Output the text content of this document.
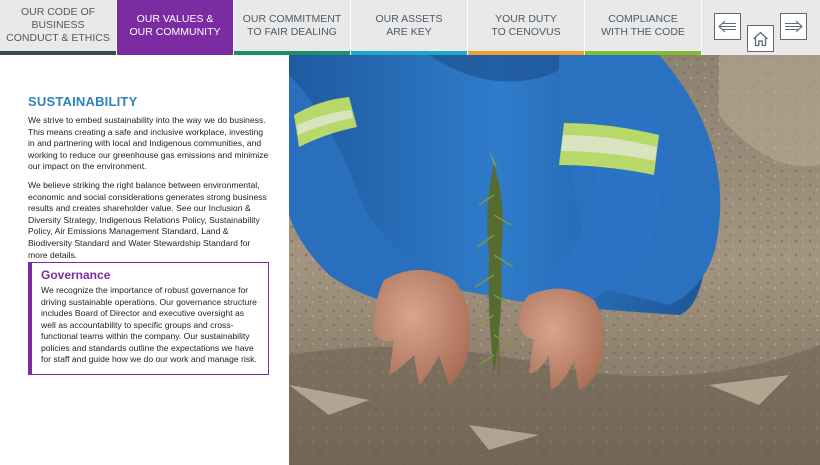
OUR CODE OF BUSINESS
CONDUCT & ETHICS
OUR VALUES &
OUR COMMUNITY
OUR COMMITMENT
TO FAIR DEALING
OUR ASSETS
ARE KEY
YOUR DUTY
TO CENOVUS
COMPLIANCE
WITH THE CODE
SUSTAINABILITY

We strive to embed sustainability into the way we do business. This means creating a safe and inclusive workplace, investing in and partnering with local and Indigenous communities, and working to reduce our greenhouse gas emissions and minimize our impact on the environment.

We believe striking the right balance between environmental, economic and social considerations generates strong business results and creates shareholder value. See our Inclusion & Diversity Strategy, Indigenous Relations Policy, Sustainability Policy, Air Emissions Management Standard, Land & Biodiversity Standard and Water Stewardship Standard for more details.

Governance

We recognize the importance of robust governance for driving sustainable operations. Our governance structure includes Board of Director and executive oversight as well as accountability to specific groups and cross-functional teams within the company. Our sustainability policies and standards outline the expectations we have for staff and guide how we do our work and manage risk.
